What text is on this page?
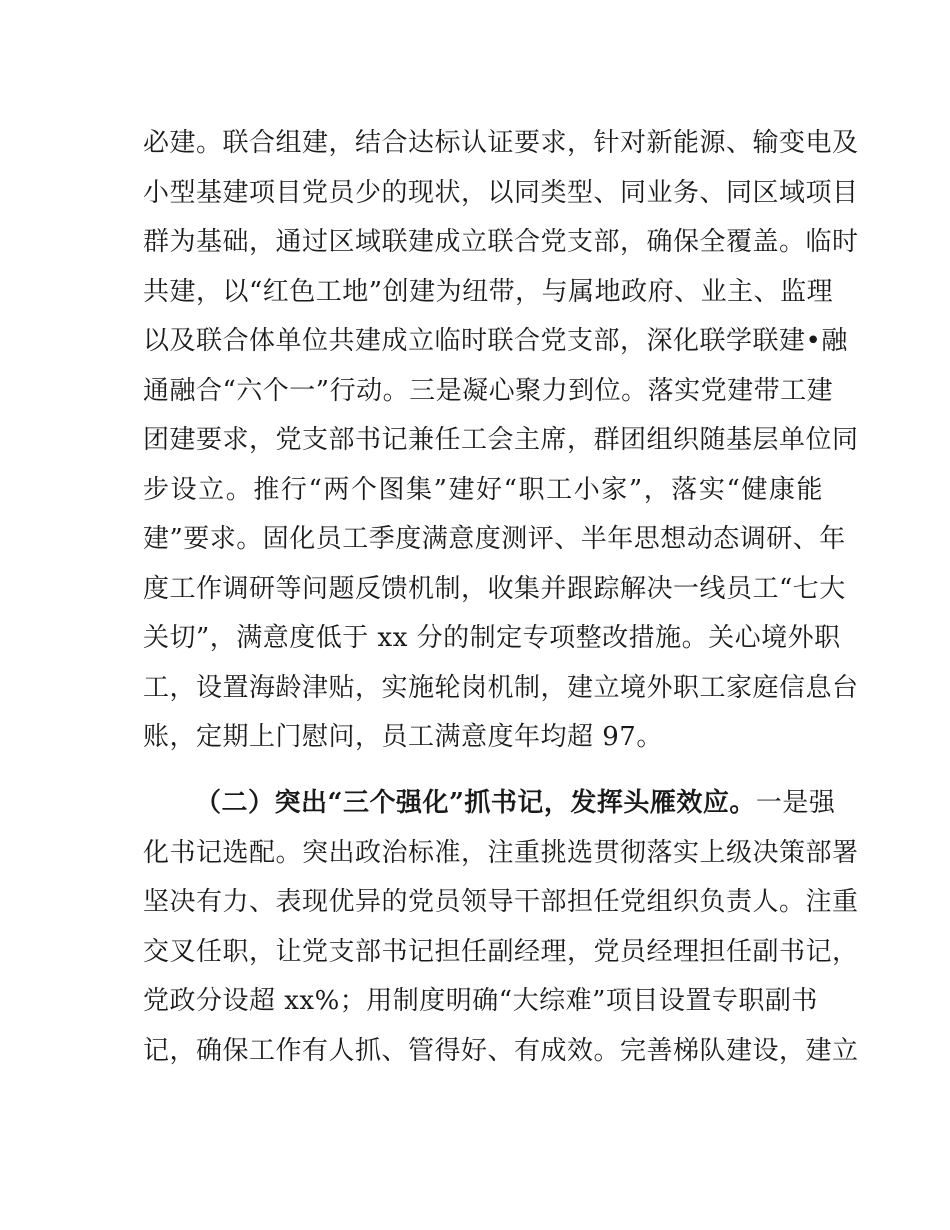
必建。联合组建，结合达标认证要求，针对新能源、输变电及
小型基建项目党员少的现状，以同类型、同业务、同区域项目
群为基础，通过区域联建成立联合党支部，确保全覆盖。临时
共建，以“红色工地”创建为纽带，与属地政府、业主、监理
以及联合体单位共建成立临时联合党支部，深化联学联建•融
通融合“六个一”行动。三是凝心聚力到位。落实党建带工建
团建要求，党支部书记兼任工会主席，群团组织随基层单位同
步设立。推行“两个图集”建好“职工小家”，落实“健康能
建”要求。固化员工季度满意度测评、半年思想动态调研、年
度工作调研等问题反馈机制，收集并跟踪解决一线员工“七大
关切”，满意度低于 xx 分的制定专项整改措施。关心境外职
工，设置海龄津贴，实施轮岗机制，建立境外职工家庭信息台
账，定期上门慰问，员工满意度年均超 97。
（二）突出“三个强化”抓书记，发挥头雁效应。一是强
化书记选配。突出政治标准，注重挑选贯彻落实上级决策部署
坚决有力、表现优异的党员领导干部担任党组织负责人。注重
交叉任职，让党支部书记担任副经理，党员经理担任副书记，
党政分设超 xx%；用制度明确“大综难”项目设置专职副书
记，确保工作有人抓、管得好、有成效。完善梯队建设，建立
